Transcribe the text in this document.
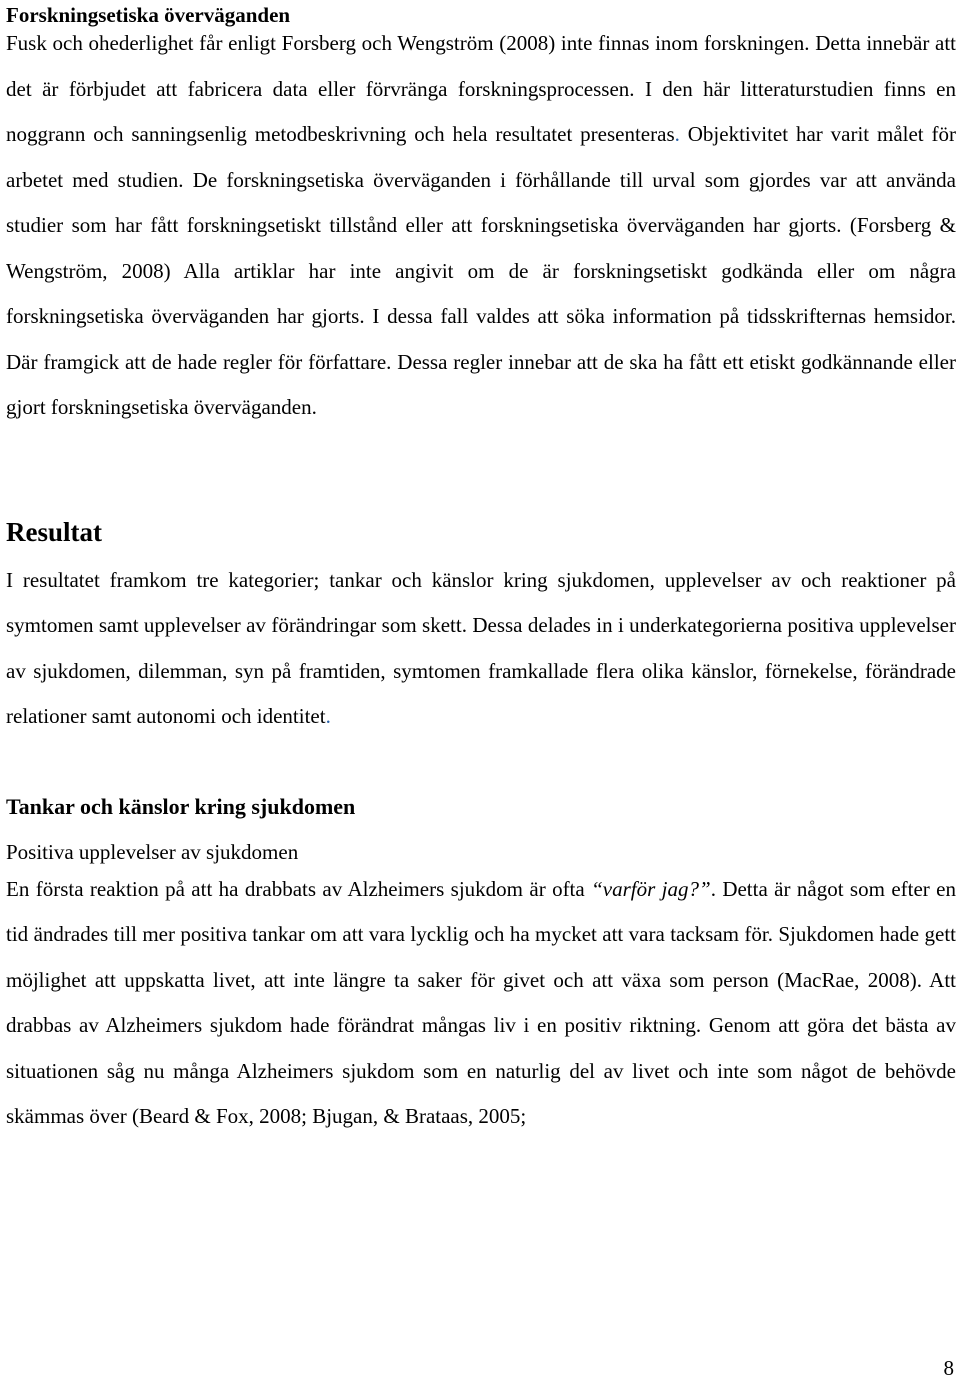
Forskningsetiska överväganden

Fusk och ohederlighet får enligt Forsberg och Wengström (2008) inte finnas inom forskningen. Detta innebär att det är förbjudet att fabricera data eller förvränga forskningsprocessen. I den här litteraturstudien finns en noggrann och sanningsenlig metodbeskrivning och hela resultatet presenteras. Objektivitet har varit målet för arbetet med studien. De forskningsetiska överväganden i förhållande till urval som gjordes var att använda studier som har fått forskningsetiskt tillstånd eller att forskningsetiska överväganden har gjorts. (Forsberg & Wengström, 2008) Alla artiklar har inte angivit om de är forskningsetiskt godkända eller om några forskningsetiska överväganden har gjorts. I dessa fall valdes att söka information på tidsskrifternas hemsidor. Där framgick att de hade regler för författare. Dessa regler innebar att de ska ha fått ett etiskt godkännande eller gjort forskningsetiska överväganden.

Resultat

I resultatet framkom tre kategorier; tankar och känslor kring sjukdomen, upplevelser av och reaktioner på symtomen samt upplevelser av förändringar som skett. Dessa delades in i underkategorierna positiva upplevelser av sjukdomen, dilemman, syn på framtiden, symtomen framkallade flera olika känslor, förnekelse, förändrade relationer samt autonomi och identitet.

Tankar och känslor kring sjukdomen

Positiva upplevelser av sjukdomen

En första reaktion på att ha drabbats av Alzheimers sjukdom är ofta “varför jag?”. Detta är något som efter en tid ändrades till mer positiva tankar om att vara lycklig och ha mycket att vara tacksam för. Sjukdomen hade gett möjlighet att uppskatta livet, att inte längre ta saker för givet och att växa som person (MacRae, 2008). Att drabbas av Alzheimers sjukdom hade förändrat mångas liv i en positiv riktning. Genom att göra det bästa av situationen såg nu många Alzheimers sjukdom som en naturlig del av livet och inte som något de behövde skämmas över (Beard & Fox, 2008; Bjugan, & Brataas, 2005;

8
